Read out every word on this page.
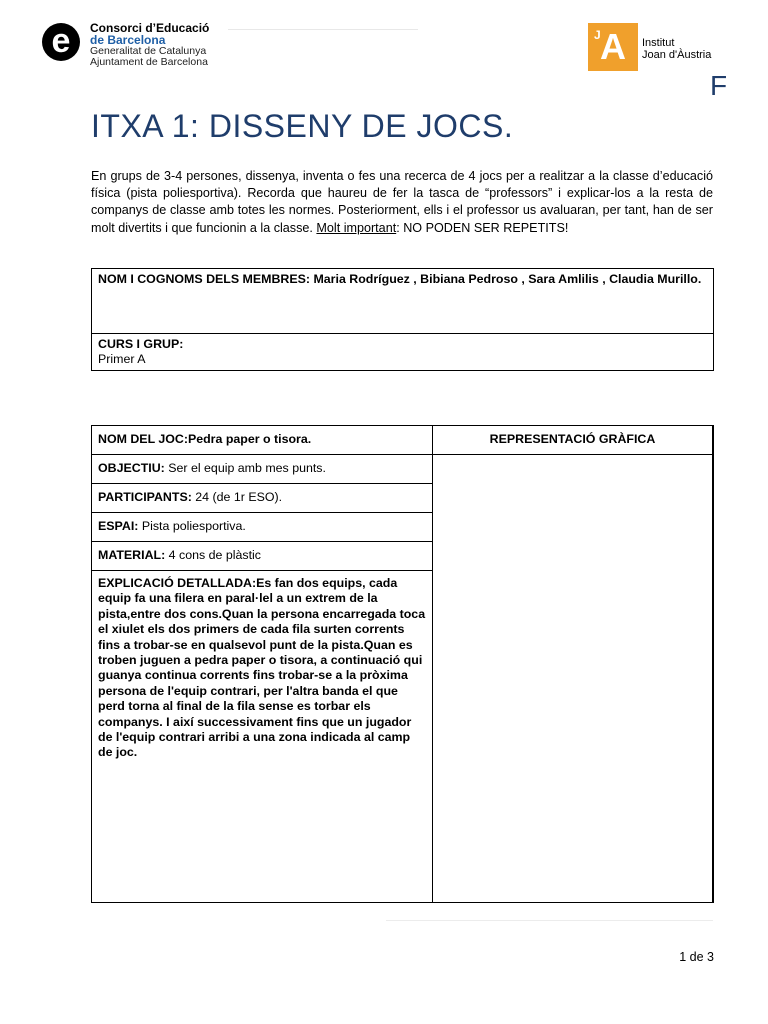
e	Consorci d’Educació
de Barcelona
Generalitat de Catalunya
Ajuntament de Barcelona
J A	Institut
Joan d'Àustria
F
ITXA 1: DISSENY DE JOCS.
En grups de 3-4 persones, dissenya, inventa o fes una recerca de 4 jocs per a realitzar a la classe d’educació física (pista poliesportiva). Recorda que haureu de fer la tasca de “professors” i explicar-los a la resta de companys de classe amb totes les normes. Posteriorment, ells i el professor us avaluaran, per tant, han de ser molt divertits i que funcionin a la classe. Molt important: NO PODEN SER REPETITS!
NOM I COGNOMS DELS MEMBRES: Maria Rodríguez , Bibiana Pedroso , Sara Amlilis , Claudia Murillo.

CURS I GRUP:
Primer A
NOM DEL JOC:Pedra paper o tisora.	REPRESENTACIÓ GRÀFICA
OBJECTIU: Ser el equip amb mes punts.	
PARTICIPANTS: 24 (de 1r ESO).	
ESPAI: Pista poliesportiva.	
MATERIAL: 4 cons de plàstic	
EXPLICACIÓ DETALLADA:Es fan dos equips, cada equip fa una filera en paral·lel a un extrem de la pista,entre dos cons.Quan la persona encarregada toca el xiulet els dos primers de cada fila surten corrents fins a trobar-se en qualsevol punt de la pista.Quan es troben juguen a pedra paper o tisora, a continuació qui guanya continua corrents fins trobar-se a la pròxima persona de l'equip contrari, per l'altra banda el que perd torna al final de la fila sense es torbar els companys. I així successivament fins que un jugador de l'equip contrari arribi a una zona indicada al camp de joc.	
1 de 3
